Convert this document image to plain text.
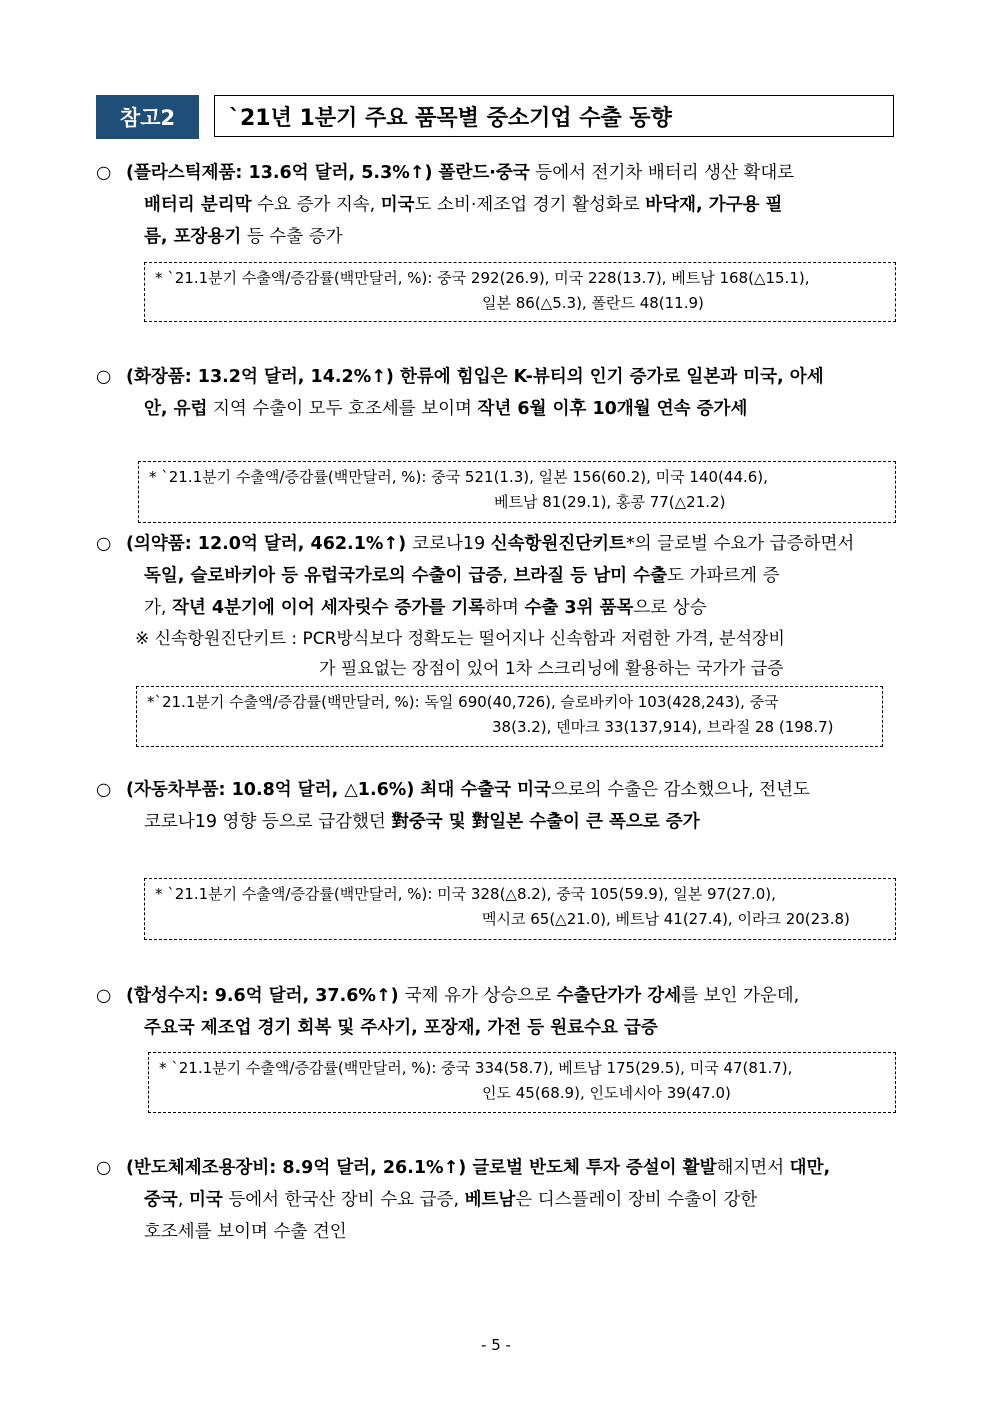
참고2	`21년 1분기 주요 품목별 중소기업 수출 동향
○ (플라스틱제품: 13.6억 달러, 5.3%↑) 폴란드·중국 등에서 전기차 배터리 생산 확대로
배터리 분리막 수요 증가 지속, 미국도 소비·제조업 경기 활성화로 바닥재, 가구용 필
름, 포장용기 등 수출 증가
* `21.1분기 수출액/증감률(백만달러, %): 중국 292(26.9), 미국 228(13.7), 베트남 168(△15.1),
일본 86(△5.3), 폴란드 48(11.9)
○ (화장품: 13.2억 달러, 14.2%↑) 한류에 힘입은 K-뷰티의 인기 증가로 일본과 미국, 아세
안, 유럽 지역 수출이 모두 호조세를 보이며 작년 6월 이후 10개월 연속 증가세
* `21.1분기 수출액/증감률(백만달러, %): 중국 521(1.3), 일본 156(60.2), 미국 140(44.6),
베트남 81(29.1), 홍콩 77(△21.2)
○ (의약품: 12.0억 달러, 462.1%↑) 코로나19 신속항원진단키트*의 글로벌 수요가 급증하면서
독일, 슬로바키아 등 유럽국가로의 수출이 급증, 브라질 등 남미 수출도 가파르게 증
가, 작년 4분기에 이어 세자릿수 증가를 기록하며 수출 3위 품목으로 상승
※ 신속항원진단키트 : PCR방식보다 정확도는 떨어지나 신속함과 저렴한 가격, 분석장비
가 필요없는 장점이 있어 1차 스크리닝에 활용하는 국가가 급증
*`21.1분기 수출액/증감률(백만달러, %): 독일 690(40,726), 슬로바키아 103(428,243), 중국
38(3.2), 덴마크 33(137,914), 브라질 28 (198.7)
○ (자동차부품: 10.8억 달러, △1.6%) 최대 수출국 미국으로의 수출은 감소했으나, 전년도
코로나19 영향 등으로 급감했던 對중국 및 對일본 수출이 큰 폭으로 증가
* `21.1분기 수출액/증감률(백만달러, %): 미국 328(△8.2), 중국 105(59.9), 일본 97(27.0),
멕시코 65(△21.0), 베트남 41(27.4), 이라크 20(23.8)
○ (합성수지: 9.6억 달러, 37.6%↑) 국제 유가 상승으로 수출단가가 강세를 보인 가운데,
주요국 제조업 경기 회복 및 주사기, 포장재, 가전 등 원료수요 급증
* `21.1분기 수출액/증감률(백만달러, %): 중국 334(58.7), 베트남 175(29.5), 미국 47(81.7),
인도 45(68.9), 인도네시아 39(47.0)
○ (반도체제조용장비: 8.9억 달러, 26.1%↑) 글로벌 반도체 투자 증설이 활발해지면서 대만,
중국, 미국 등에서 한국산 장비 수요 급증, 베트남은 디스플레이 장비 수출이 강한
호조세를 보이며 수출 견인
- 5 -
